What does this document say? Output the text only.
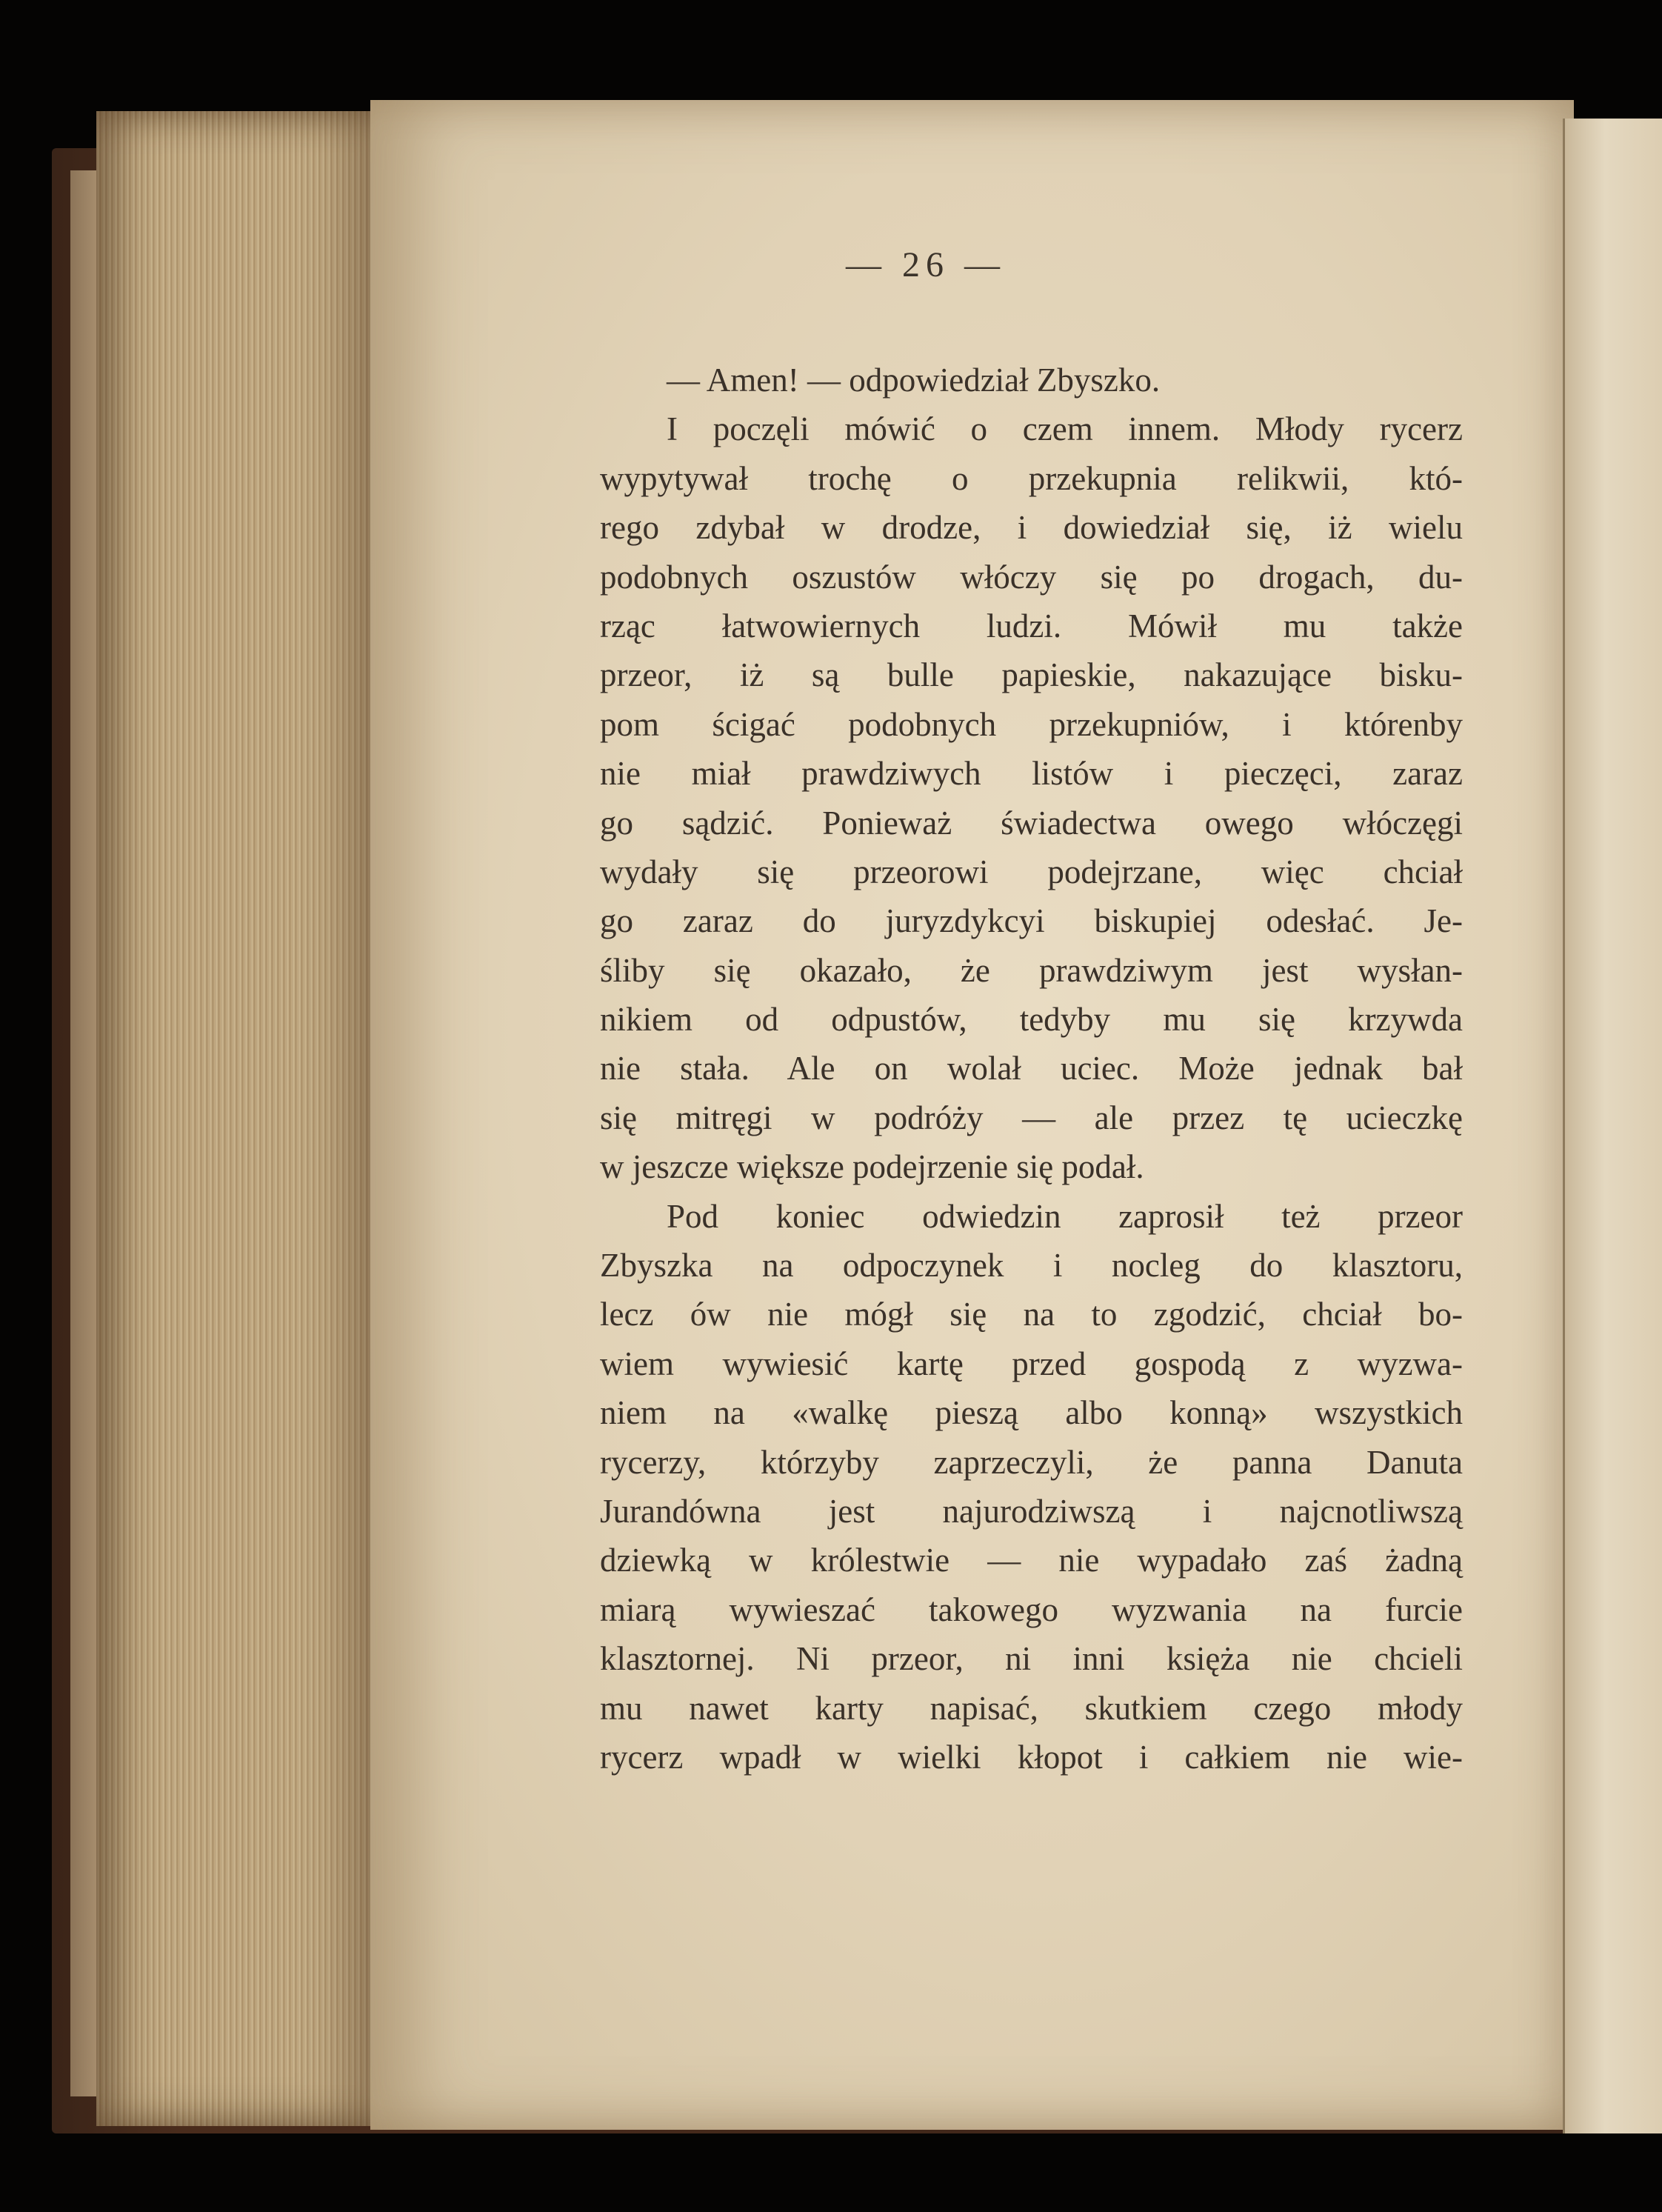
— 26 —
— Amen! — odpowiedział Zbyszko.
I poczęli mówić o czem innem. Młody rycerz
wypytywał trochę o przekupnia relikwii, któ-
rego zdybał w drodze, i dowiedział się, iż wielu
podobnych oszustów włóczy się po drogach, du-
rząc łatwowiernych ludzi. Mówił mu także
przeor, iż są bulle papieskie, nakazujące bisku-
pom ścigać podobnych przekupniów, i którenby
nie miał prawdziwych listów i pieczęci, zaraz
go sądzić. Ponieważ świadectwa owego włóczęgi
wydały się przeorowi podejrzane, więc chciał
go zaraz do juryzdykcyi biskupiej odesłać. Je-
śliby się okazało, że prawdziwym jest wysłan-
nikiem od odpustów, tedyby mu się krzywda
nie stała. Ale on wolał uciec. Może jednak bał
się mitręgi w podróży — ale przez tę ucieczkę
w jeszcze większe podejrzenie się podał.
Pod koniec odwiedzin zaprosił też przeor
Zbyszka na odpoczynek i nocleg do klasztoru,
lecz ów nie mógł się na to zgodzić, chciał bo-
wiem wywiesić kartę przed gospodą z wyzwa-
niem na «walkę pieszą albo konną» wszystkich
rycerzy, którzyby zaprzeczyli, że panna Danuta
Jurandówna jest najurodziwszą i najcnotliwszą
dziewką w królestwie — nie wypadało zaś żadną
miarą wywieszać takowego wyzwania na furcie
klasztornej. Ni przeor, ni inni księża nie chcieli
mu nawet karty napisać, skutkiem czego młody
rycerz wpadł w wielki kłopot i całkiem nie wie-
